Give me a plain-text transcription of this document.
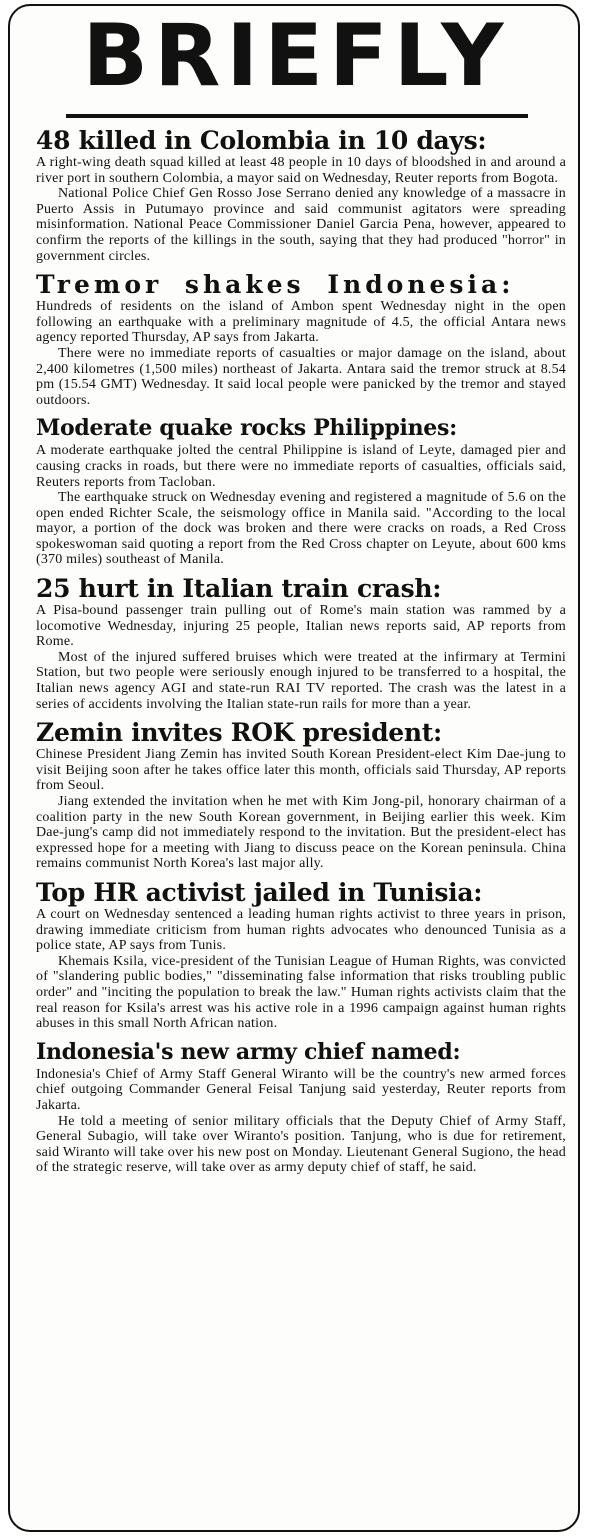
BRIEFLY
48 killed in Colombia in 10 days:

A right-wing death squad killed at least 48 people in 10 days of bloodshed in and around a river port in southern Colombia, a mayor said on Wednesday, Reuter reports from Bogota.

National Police Chief Gen Rosso Jose Serrano denied any knowledge of a massacre in Puerto Assis in Putumayo province and said communist agitators were spreading misinformation. National Peace Commissioner Daniel Garcia Pena, however, appeared to confirm the reports of the killings in the south, saying that they had produced "horror" in government circles.

Tremor shakes Indonesia:

Hundreds of residents on the island of Ambon spent Wednesday night in the open following an earthquake with a preliminary magnitude of 4.5, the official Antara news agency reported Thursday, AP says from Jakarta.

There were no immediate reports of casualties or major damage on the island, about 2,400 kilometres (1,500 miles) northeast of Jakarta. Antara said the tremor struck at 8.54 pm (15.54 GMT) Wednesday. It said local people were panicked by the tremor and stayed outdoors.

Moderate quake rocks Philippines:

A moderate earthquake jolted the central Philippine is island of Leyte, damaged pier and causing cracks in roads, but there were no immediate reports of casualties, officials said, Reuters reports from Tacloban.

The earthquake struck on Wednesday evening and registered a magnitude of 5.6 on the open ended Richter Scale, the seismology office in Manila said. "According to the local mayor, a portion of the dock was broken and there were cracks on roads, a Red Cross spokeswoman said quoting a report from the Red Cross chapter on Leyute, about 600 kms (370 miles) southeast of Manila.

25 hurt in Italian train crash:

A Pisa-bound passenger train pulling out of Rome's main station was rammed by a locomotive Wednesday, injuring 25 people, Italian news reports said, AP reports from Rome.

Most of the injured suffered bruises which were treated at the infirmary at Termini Station, but two people were seriously enough injured to be transferred to a hospital, the Italian news agency AGI and state-run RAI TV reported. The crash was the latest in a series of accidents involving the Italian state-run rails for more than a year.

Zemin invites ROK president:

Chinese President Jiang Zemin has invited South Korean President-elect Kim Dae-jung to visit Beijing soon after he takes office later this month, officials said Thursday, AP reports from Seoul.

Jiang extended the invitation when he met with Kim Jong-pil, honorary chairman of a coalition party in the new South Korean government, in Beijing earlier this week. Kim Dae-jung's camp did not immediately respond to the invitation. But the president-elect has expressed hope for a meeting with Jiang to discuss peace on the Korean peninsula. China remains communist North Korea's last major ally.

Top HR activist jailed in Tunisia:

A court on Wednesday sentenced a leading human rights activist to three years in prison, drawing immediate criticism from human rights advocates who denounced Tunisia as a police state, AP says from Tunis.

Khemais Ksila, vice-president of the Tunisian League of Human Rights, was convicted of "slandering public bodies," "disseminating false information that risks troubling public order" and "inciting the population to break the law." Human rights activists claim that the real reason for Ksila's arrest was his active role in a 1996 campaign against human rights abuses in this small North African nation.

Indonesia's new army chief named:

Indonesia's Chief of Army Staff General Wiranto will be the country's new armed forces chief outgoing Commander General Feisal Tanjung said yesterday, Reuter reports from Jakarta.

He told a meeting of senior military officials that the Deputy Chief of Army Staff, General Subagio, will take over Wiranto's position. Tanjung, who is due for retirement, said Wiranto will take over his new post on Monday. Lieutenant General Sugiono, the head of the strategic reserve, will take over as army deputy chief of staff, he said.
